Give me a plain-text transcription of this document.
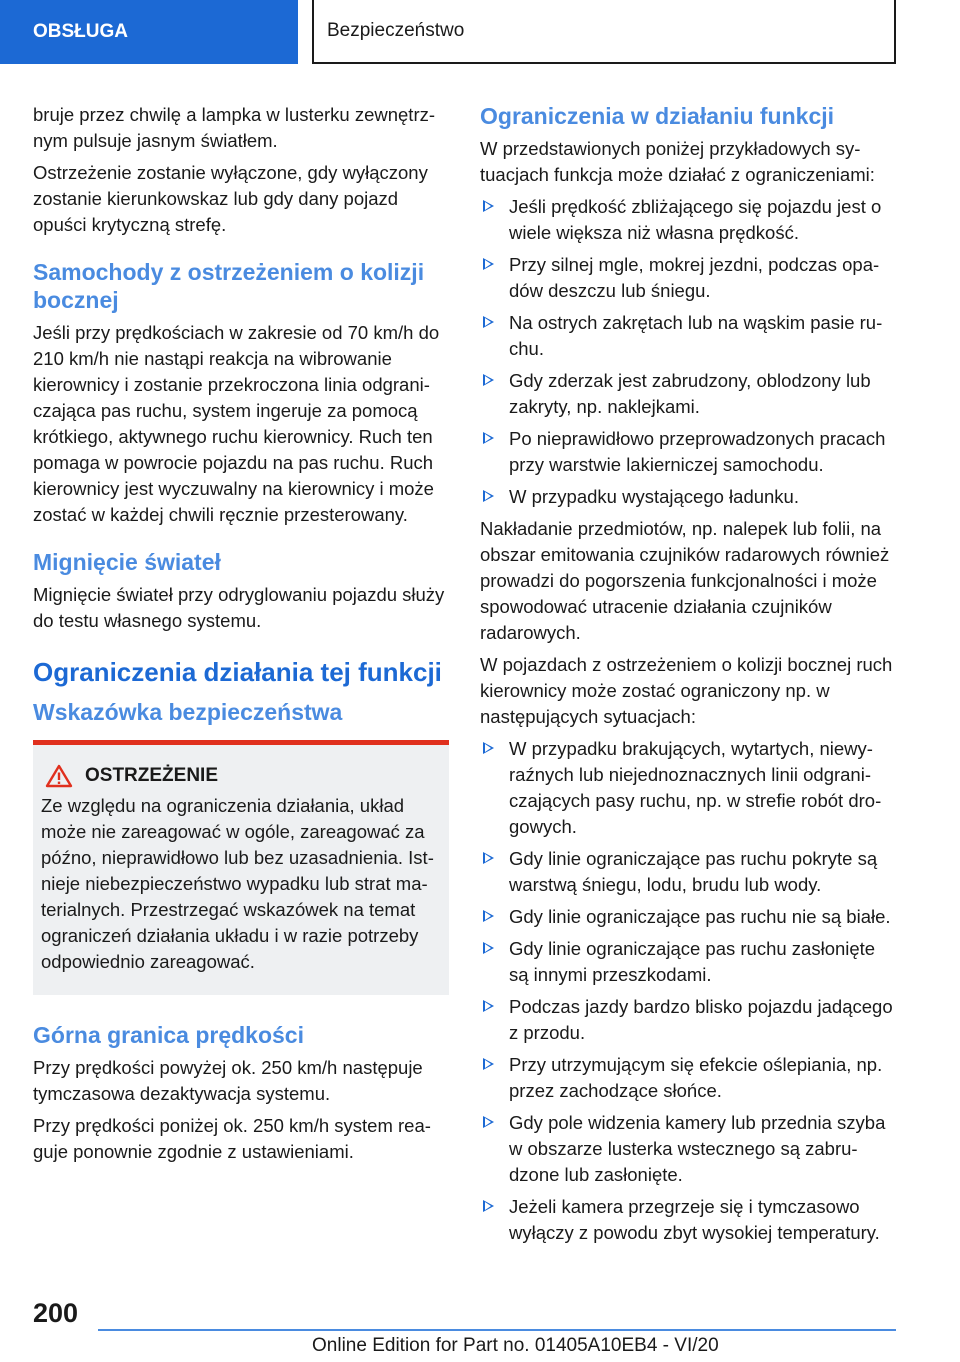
OBSŁUGA	Bezpieczeństwo

bruje przez chwilę a lampka w lusterku zewnętrznym pulsuje jasnym światłem.

Ostrzeżenie zostanie wyłączone, gdy wyłączony zostanie kierunkowskaz lub gdy dany pojazd opuści krytyczną strefę.

Samochody z ostrzeżeniem o kolizji bocznej

Jeśli przy prędkościach w zakresie od 70 km/h do 210 km/h nie nastąpi reakcja na wibrowanie kierownicy i zostanie przekroczona linia odgraniczająca pas ruchu, system ingeruje za pomocą krótkiego, aktywnego ruchu kierownicy. Ruch ten pomaga w powrocie pojazdu na pas ruchu. Ruch kierownicy jest wyczuwalny na kierownicy i może zostać w każdej chwili ręcznie przesterowany.

Mignięcie świateł

Mignięcie świateł przy odryglowaniu pojazdu służy do testu własnego systemu.

Ograniczenia działania tej funkcji
Wskazówka bezpieczeństwa
OSTRZEŻENIE
Ze względu na ograniczenia działania, układ może nie zareagować w ogóle, zareagować za późno, nieprawidłowo lub bez uzasadnienia. Istnieje niebezpieczeństwo wypadku lub strat materialnych. Przestrzegać wskazówek na temat ograniczeń działania układu i w razie potrzeby odpowiednio zareagować.
Górna granica prędkości

Przy prędkości powyżej ok. 250 km/h następuje tymczasowa dezaktywacja systemu.

Przy prędkości poniżej ok. 250 km/h system reaguje ponownie zgodnie z ustawieniami.

Ograniczenia w działaniu funkcji

W przedstawionych poniżej przykładowych sytuacjach funkcja może działać z ograniczeniami:

Jeśli prędkość zbliżającego się pojazdu jest o wiele większa niż własna prędkość.
Przy silnej mgle, mokrej jezdni, podczas opadów deszczu lub śniegu.
Na ostrych zakrętach lub na wąskim pasie ruchu.
Gdy zderzak jest zabrudzony, oblodzony lub zakryty, np. naklejkami.
Po nieprawidłowo przeprowadzonych pracach przy warstwie lakierniczej samochodu.
W przypadku wystającego ładunku.

Nakładanie przedmiotów, np. nalepek lub folii, na obszar emitowania czujników radarowych również prowadzi do pogorszenia funkcjonalności i może spowodować utracenie działania czujników radarowych.

W pojazdach z ostrzeżeniem o kolizji bocznej ruch kierownicy może zostać ograniczony np. w następujących sytuacjach:

W przypadku brakujących, wytartych, niewyraźnych lub niejednoznacznych linii odgraniczających pasy ruchu, np. w strefie robót drogowych.
Gdy linie ograniczające pas ruchu pokryte są warstwą śniegu, lodu, brudu lub wody.
Gdy linie ograniczające pas ruchu nie są białe.
Gdy linie ograniczające pas ruchu zasłonięte są innymi przeszkodami.
Podczas jazdy bardzo blisko pojazdu jadącego z przodu.
Przy utrzymującym się efekcie oślepiania, np. przez zachodzące słońce.
Gdy pole widzenia kamery lub przednia szyba w obszarze lusterka wstecznego są zabrudzone lub zasłonięte.
Jeżeli kamera przegrzeje się i tymczasowo wyłączy z powodu zbyt wysokiej temperatury.
200
Online Edition for Part no. 01405A10EB4 - VI/20
